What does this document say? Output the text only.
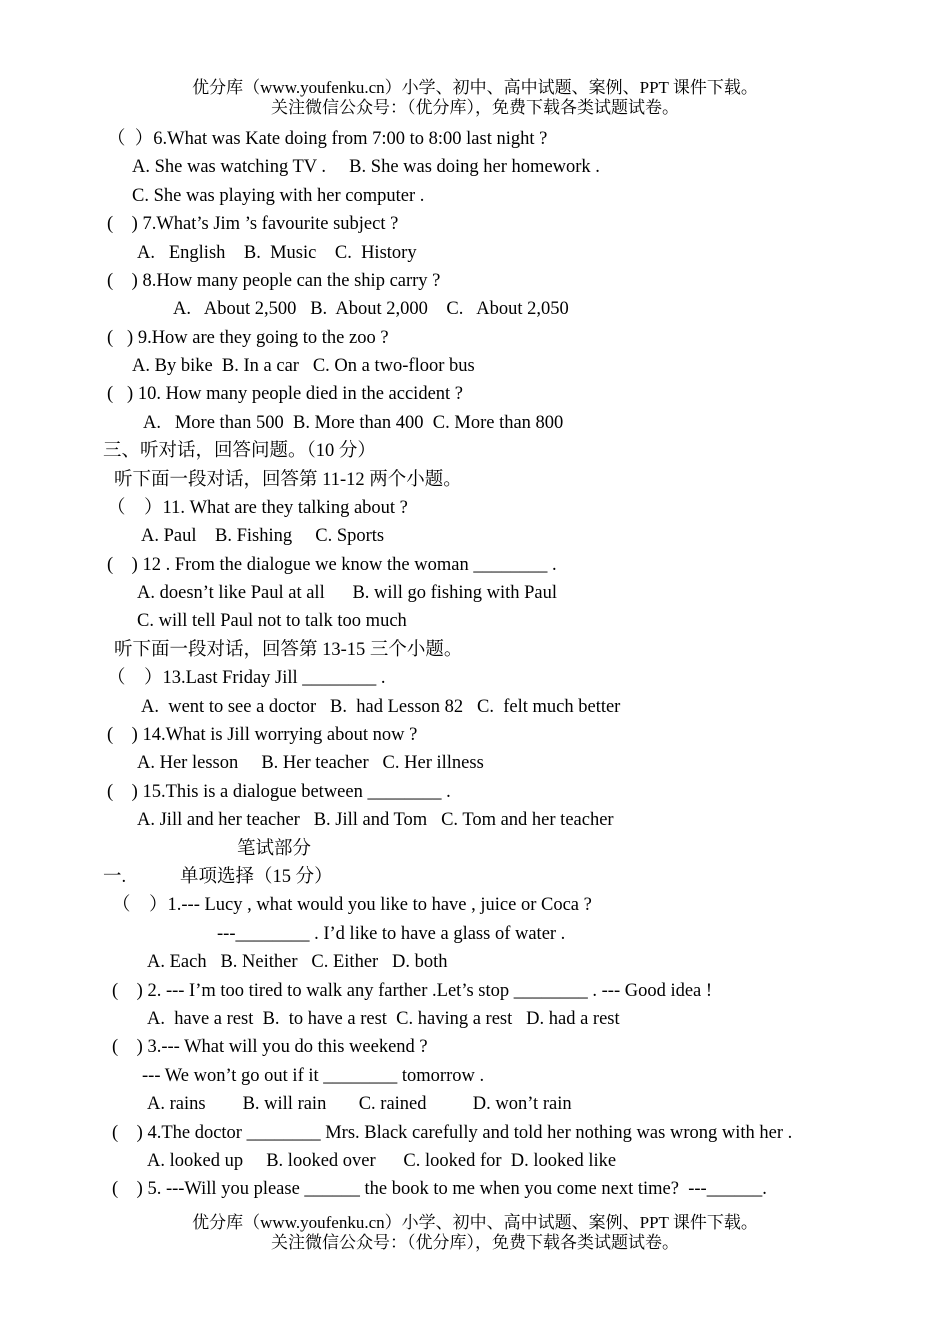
优分库（www.youfenku.cn）小学、初中、高中试题、案例、PPT 课件下载。
关注微信公众号：（优分库），免费下载各类试题试卷。
（  ）6.What was Kate doing from 7:00 to 8:00 last night ?
A. She was watching TV .     B. She was doing her homework .
C. She was playing with her computer .
(    ) 7.What’s Jim ’s favourite subject ?
A.   English    B.  Music    C.  History
(    ) 8.How many people can the ship carry ?
A.   About 2,500   B.  About 2,000    C.   About 2,050
(   ) 9.How are they going to the zoo ?
A. By bike  B. In a car   C. On a two-floor bus
(   ) 10. How many people died in the accident ?
A.   More than 500  B. More than 400  C. More than 800
三、听对话，回答问题。（10 分）
听下面一段对话，回答第 11-12 两个小题。
（    ）11. What are they talking about ?
A. Paul    B. Fishing     C. Sports
(    ) 12 . From the dialogue we know the woman ________ .
A. doesn’t like Paul at all      B. will go fishing with Paul
C. will tell Paul not to talk too much
听下面一段对话，回答第 13-15 三个小题。
（    ）13.Last Friday Jill ________ .
A.  went to see a doctor   B.  had Lesson 82   C.  felt much better
(    ) 14.What is Jill worrying about now ?
A. Her lesson     B. Her teacher   C. Her illness
(    ) 15.This is a dialogue between ________ .
A. Jill and her teacher   B. Jill and Tom   C. Tom and her teacher
笔试部分
一.	单项选择（15 分）
（    ）1.--- Lucy , what would you like to have , juice or Coca ?
---________ . I’d like to have a glass of water .
A. Each   B. Neither   C. Either   D. both
(    ) 2. --- I’m too tired to walk any farther .Let’s stop ________ . --- Good idea !
A.  have a rest  B.  to have a rest  C. having a rest   D. had a rest
(    ) 3.--- What will you do this weekend ?
--- We won’t go out if it ________ tomorrow .
A. rains        B. will rain       C. rained          D. won’t rain
(    ) 4.The doctor ________ Mrs. Black carefully and told her nothing was wrong with her .
A. looked up     B. looked over      C. looked for  D. looked like
(    ) 5. ---Will you please ______ the book to me when you come next time?  ---______.
优分库（www.youfenku.cn）小学、初中、高中试题、案例、PPT 课件下载。
关注微信公众号：（优分库），免费下载各类试题试卷。
